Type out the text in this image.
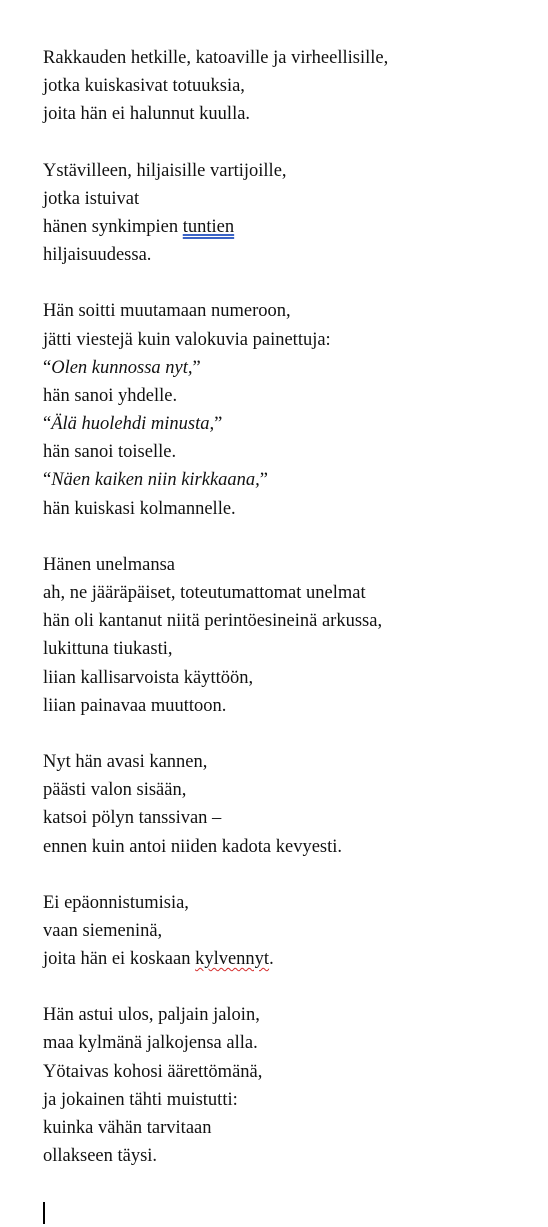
Rakkauden hetkille, katoaville ja virheellisille,
jotka kuiskasivat totuuksia,
joita hän ei halunnut kuulla.
Ystävilleen, hiljaisille vartijoille,
jotka istuivat
hänen synkimpien tuntien
hiljaisuudessa.
Hän soitti muutamaan numeroon,
jätti viestejä kuin valokuvia painettuja:
“Olen kunnossa nyt,”
hän sanoi yhdelle.
“Älä huolehdi minusta,”
hän sanoi toiselle.
“Näen kaiken niin kirkkaana,”
hän kuiskasi kolmannelle.
Hänen unelmansa
ah, ne jääräpäiset, toteutumattomat unelmat
hän oli kantanut niitä perintöesineinä arkussa,
lukittuna tiukasti,
liian kallisarvoista käyttöön,
liian painavaa muuttoon.
Nyt hän avasi kannen,
päästi valon sisään,
katsoi pölyn tanssivan –
ennen kuin antoi niiden kadota kevyesti.
Ei epäonnistumisia,
vaan siemeninä,
joita hän ei koskaan kylvennyt.
Hän astui ulos, paljain jaloin,
maa kylmänä jalkojensa alla.
Yötaivas kohosi äärettömänä,
ja jokainen tähti muistutti:
kuinka vähän tarvitaan
ollakseen täysi.
